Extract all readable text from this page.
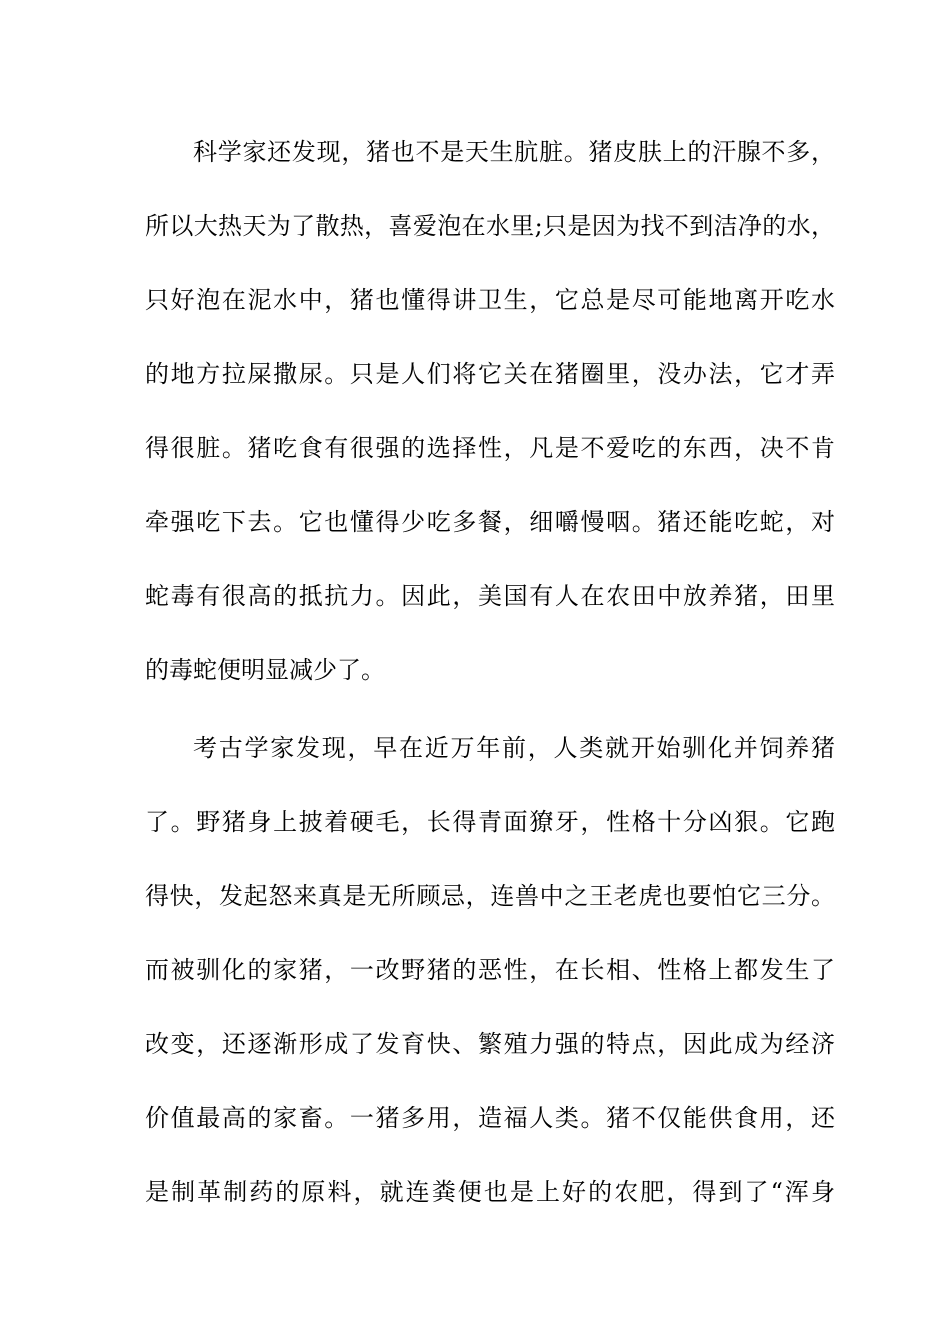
科学家还发现，猪也不是天生肮脏。猪皮肤上的汗腺不多，
所以大热天为了散热，喜爱泡在水里;只是因为找不到洁净的水，
只好泡在泥水中，猪也懂得讲卫生，它总是尽可能地离开吃水
的地方拉屎撒尿。只是人们将它关在猪圈里，没办法，它才弄
得很脏。猪吃食有很强的选择性，凡是不爱吃的东西，决不肯
牵强吃下去。它也懂得少吃多餐，细嚼慢咽。猪还能吃蛇，对
蛇毒有很高的抵抗力。因此，美国有人在农田中放养猪，田里
的毒蛇便明显减少了。
考古学家发现，早在近万年前，人类就开始驯化并饲养猪
了。野猪身上披着硬毛，长得青面獠牙，性格十分凶狠。它跑
得快，发起怒来真是无所顾忌，连兽中之王老虎也要怕它三分。
而被驯化的家猪，一改野猪的恶性，在长相、性格上都发生了
改变，还逐渐形成了发育快、繁殖力强的特点，因此成为经济
价值最高的家畜。一猪多用，造福人类。猪不仅能供食用，还
是制革制药的原料，就连粪便也是上好的农肥，得到了“浑身
